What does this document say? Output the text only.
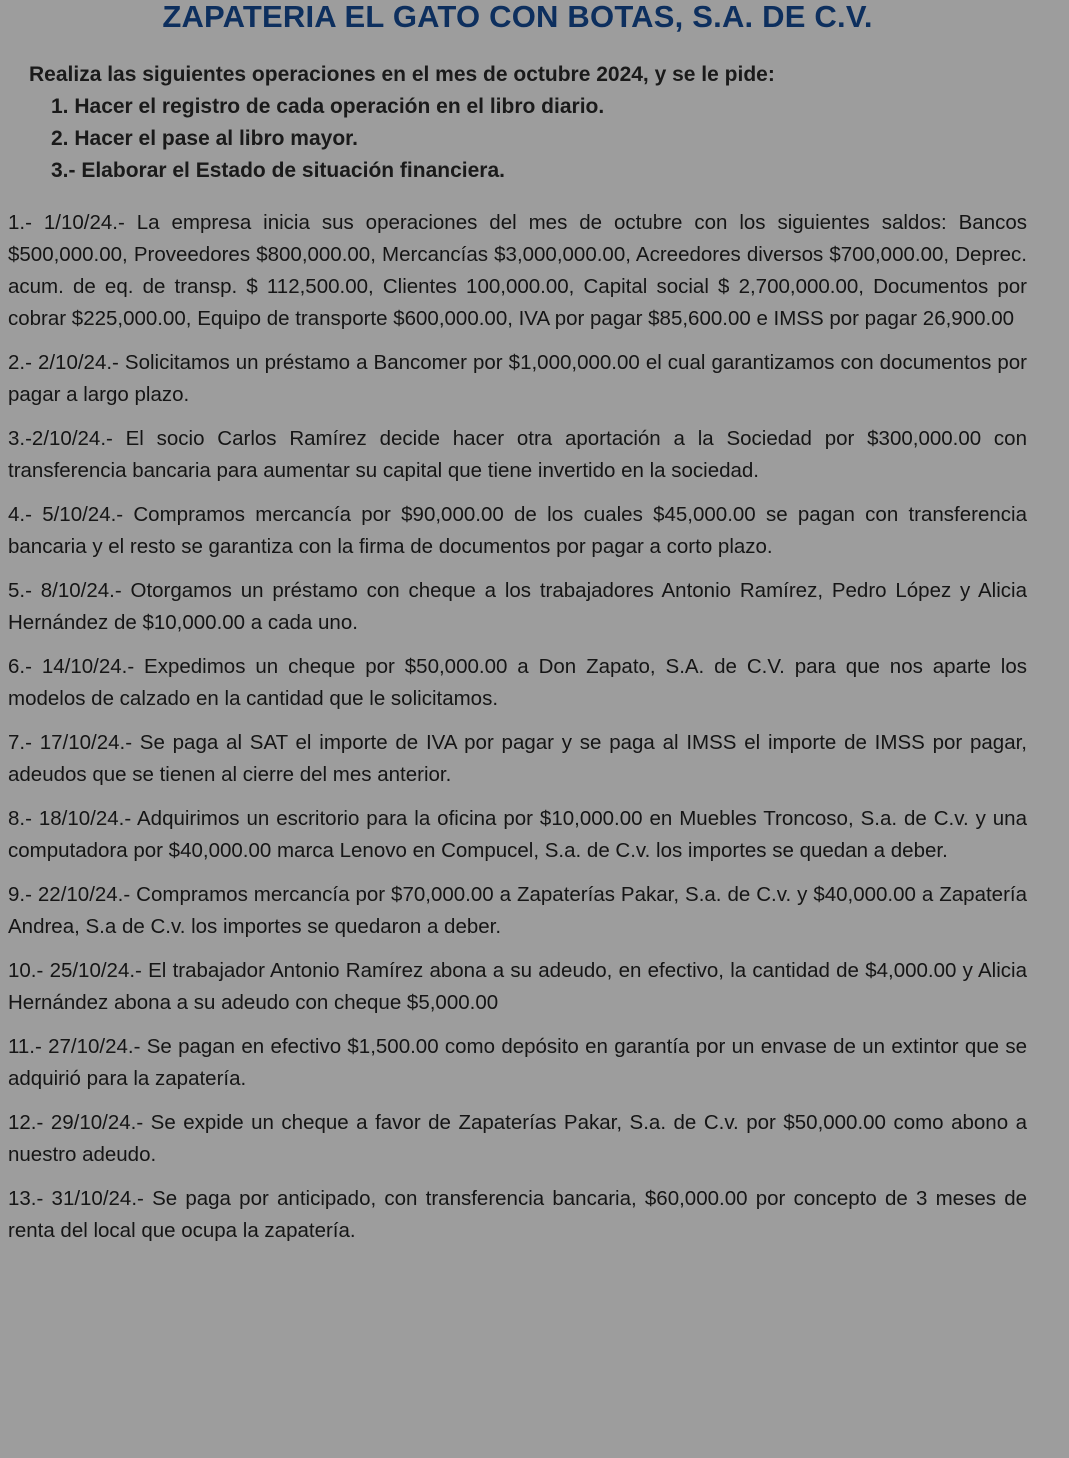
ZAPATERIA EL GATO CON BOTAS, S.A. DE C.V.

Realiza las siguientes operaciones en el mes de octubre 2024, y se le pide:

1. Hacer el registro de cada operación en el libro diario.
2. Hacer el pase al libro mayor.
3.- Elaborar el Estado de situación financiera.

1.- 1/10/24.- La empresa inicia sus operaciones del mes de octubre con los siguientes saldos: Bancos $500,000.00, Proveedores $800,000.00, Mercancías $3,000,000.00, Acreedores diversos $700,000.00, Deprec. acum. de eq. de transp. $ 112,500.00, Clientes 100,000.00, Capital social $ 2,700,000.00, Documentos por cobrar $225,000.00, Equipo de transporte $600,000.00, IVA por pagar $85,600.00 e IMSS por pagar 26,900.00

2.- 2/10/24.- Solicitamos un préstamo a Bancomer por $1,000,000.00 el cual garantizamos con documentos por pagar a largo plazo.

3.-2/10/24.- El socio Carlos Ramírez decide hacer otra aportación a la Sociedad por $300,000.00 con transferencia bancaria para aumentar su capital que tiene invertido en la sociedad.

4.- 5/10/24.- Compramos mercancía por $90,000.00 de los cuales $45,000.00 se pagan con transferencia bancaria y el resto se garantiza con la firma de documentos por pagar a corto plazo.

5.- 8/10/24.- Otorgamos un préstamo con cheque a los trabajadores Antonio Ramírez, Pedro López y Alicia Hernández de $10,000.00 a cada uno.

6.- 14/10/24.- Expedimos un cheque por $50,000.00 a Don Zapato, S.A. de C.V. para que nos aparte los modelos de calzado en la cantidad que le solicitamos.

7.- 17/10/24.- Se paga al SAT el importe de IVA por pagar y se paga al IMSS el importe de IMSS por pagar, adeudos que se tienen al cierre del mes anterior.

8.- 18/10/24.- Adquirimos un escritorio para la oficina por $10,000.00 en Muebles Troncoso, S.a. de C.v. y una computadora por $40,000.00 marca Lenovo en Compucel, S.a. de C.v. los importes se quedan a deber.

9.- 22/10/24.- Compramos mercancía por $70,000.00 a Zapaterías Pakar, S.a. de C.v. y $40,000.00 a Zapatería Andrea, S.a de C.v. los importes se quedaron a deber.

10.- 25/10/24.- El trabajador Antonio Ramírez abona a su adeudo, en efectivo, la cantidad de $4,000.00 y Alicia Hernández abona a su adeudo con cheque $5,000.00

11.- 27/10/24.- Se pagan en efectivo $1,500.00 como depósito en garantía por un envase de un extintor que se adquirió para la zapatería.

12.- 29/10/24.- Se expide un cheque a favor de Zapaterías Pakar, S.a. de C.v. por $50,000.00 como abono a nuestro adeudo.

13.- 31/10/24.- Se paga por anticipado, con transferencia bancaria, $60,000.00 por concepto de 3 meses de renta del local que ocupa la zapatería.
